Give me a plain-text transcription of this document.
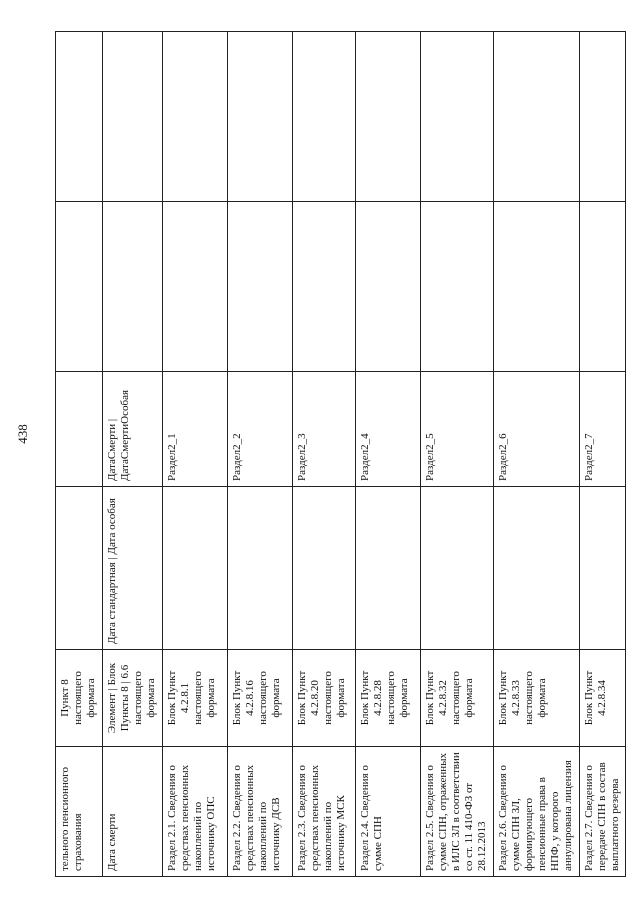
438
тельного пенсионного страхования	Пункт 8 настоящего формата				
Дата смерти	Элемент | Блок Пункты 8 | 6.6 настоящего формата	Дата стандартная | Дата особая	ДатаСмерти | ДатаСмертиОсобая		
Раздел 2.1. Сведения о средствах пенсионных накоплений по источнику ОПС	Блок Пункт 4.2.8.1 настоящего формата		Раздел2_1		
Раздел 2.2. Сведения о средствах пенсионных накоплений по источнику ДСВ	Блок Пункт 4.2.8.16 настоящего формата		Раздел2_2		
Раздел 2.3. Сведения о средствах пенсионных накоплений по источнику МСК	Блок Пункт 4.2.8.20 настоящего формата		Раздел2_3		
Раздел 2.4. Сведения о сумме СПН	Блок Пункт 4.2.8.28 настоящего формата		Раздел2_4		
Раздел 2.5. Сведения о сумме СПН, отраженных в ИЛС ЗЛ в соответствии со ст. 11 410-ФЗ от 28.12.2013	Блок Пункт 4.2.8.32 настоящего формата		Раздел2_5		
Раздел 2.6. Сведения о сумме СПН ЗЛ, формирующего пенсионные права в НПФ, у которого аннулирована лицензия	Блок Пункт 4.2.8.33 настоящего формата		Раздел2_6		
Раздел 2.7. Сведения о передаче СПН в состав выплатного резерва	Блок Пункт 4.2.8.34		Раздел2_7		
